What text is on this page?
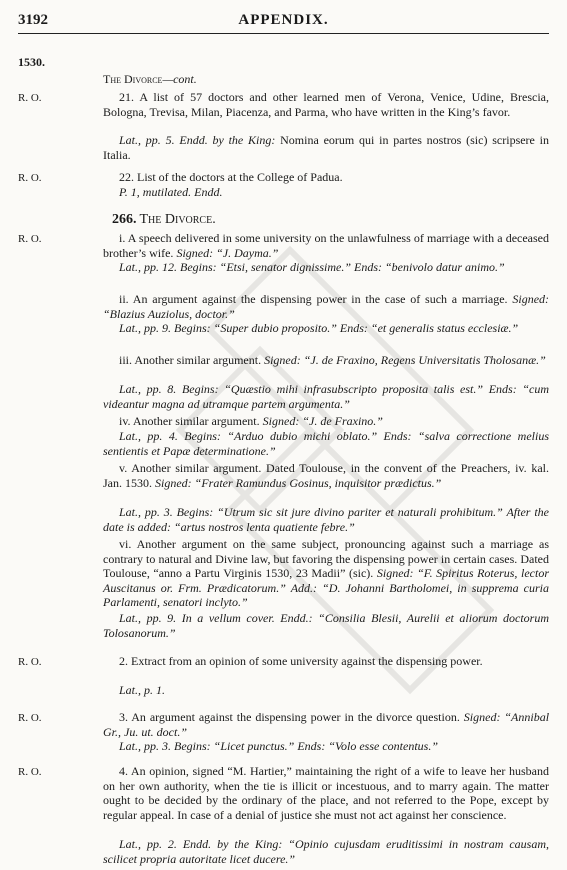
3192	APPENDIX.
1530.
The Divorce—cont.
R. O.	21. A list of 57 doctors and other learned men of Verona, Venice, Udine, Brescia, Bologna, Trevisa, Milan, Piacenza, and Parma, who have written in the King’s favor.
Lat., pp. 5. Endd. by the King: Nomina eorum qui in partes nostros (sic) scripsere in Italia.
R. O.	22. List of the doctors at the College of Padua.
P. 1, mutilated. Endd.
266. The Divorce.
R. O.	i. A speech delivered in some university on the unlawfulness of marriage with a deceased brother’s wife. Signed: “J. Dayma.”
Lat., pp. 12. Begins: “Etsi, senator dignissime.” Ends: “benivolo datur animo.”
ii. An argument against the dispensing power in the case of such a marriage. Signed: “Blazius Auziolus, doctor.”
Lat., pp. 9. Begins: “Super dubio proposito.” Ends: “et generalis status ecclesiæ.”
iii. Another similar argument. Signed: “J. de Fraxino, Regens Universitatis Tholosanæ.”
Lat., pp. 8. Begins: “Quæstio mihi infrasubscripto proposita talis est.” Ends: “cum videantur magna ad utramque partem argumenta.”
iv. Another similar argument. Signed: “J. de Fraxino.”
Lat., pp. 4. Begins: “Arduo dubio michi oblato.” Ends: “salva correctione melius sentientis et Papæ determinatione.”
v. Another similar argument. Dated Toulouse, in the convent of the Preachers, iv. kal. Jan. 1530. Signed: “Frater Ramundus Gosinus, inquisitor prædictus.”
Lat., pp. 3. Begins: “Utrum sic sit jure divino pariter et naturali prohibitum.” After the date is added: “artus nostros lenta quatiente febre.”
vi. Another argument on the same subject, pronouncing against such a marriage as contrary to natural and Divine law, but favoring the dispensing power in certain cases. Dated Toulouse, “anno a Partu Virginis 1530, 23 Madii” (sic). Signed: “F. Spiritus Roterus, lector Auscitanus or. Frm. Prædicatorum.” Add.: “D. Johanni Bartholomei, in supprema curia Parlamenti, senatori inclyto.”
Lat., pp. 9. In a vellum cover. Endd.: “Consilia Blesii, Aurelii et aliorum doctorum Tolosanorum.”
R. O.	2. Extract from an opinion of some university against the dispensing power.
Lat., p. 1.
R. O.	3. An argument against the dispensing power in the divorce question. Signed: “Annibal Gr., Ju. ut. doct.”
Lat., pp. 3. Begins: “Licet punctus.” Ends: “Volo esse contentus.”
R. O.	4. An opinion, signed “M. Hartier,” maintaining the right of a wife to leave her husband on her own authority, when the tie is illicit or incestuous, and to marry again. The matter ought to be decided by the ordinary of the place, and not referred to the Pope, except by regular appeal. In case of a denial of justice she must not act against her conscience.
Lat., pp. 2. Endd. by the King: “Opinio cujusdam eruditissimi in nostram causam, scilicet propria autoritate licet ducere.”
